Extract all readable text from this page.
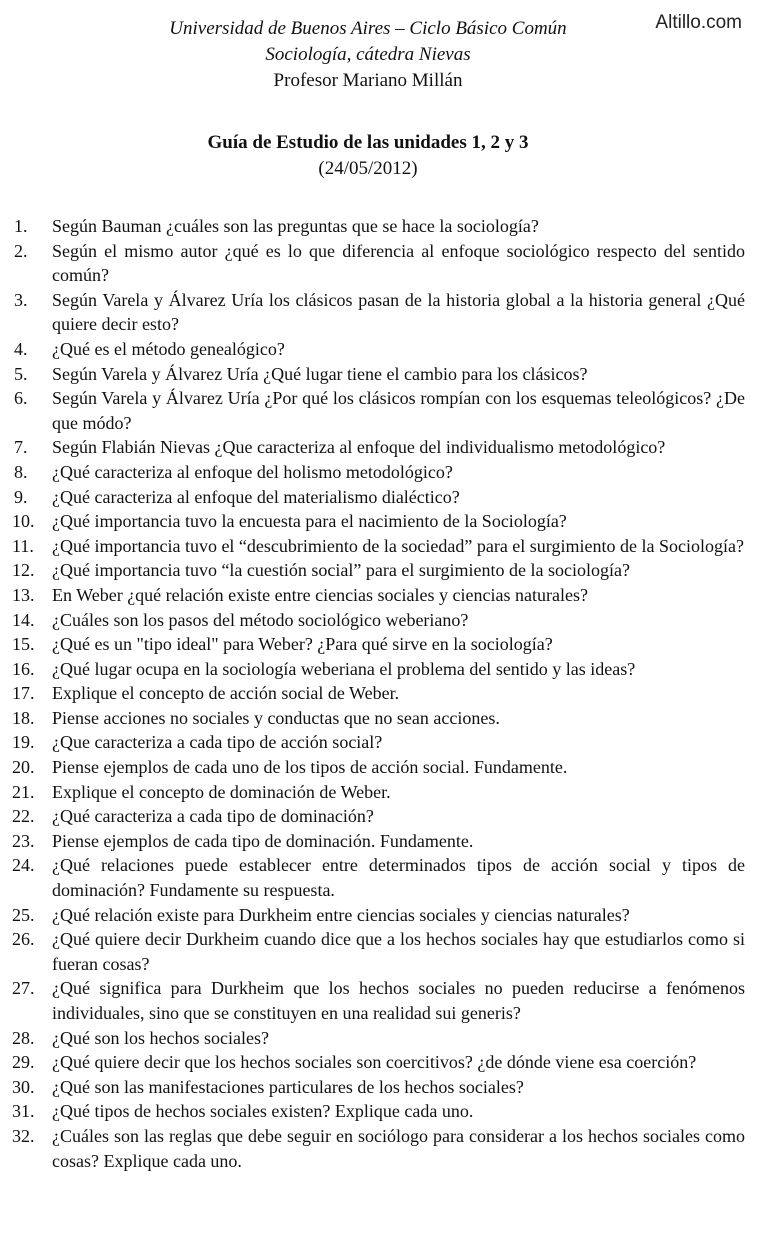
Altillo.com
Universidad de Buenos Aires – Ciclo Básico Común
Sociología, cátedra Nievas
Profesor Mariano Millán
Guía de Estudio de las unidades 1, 2 y 3
(24/05/2012)
1.	Según Bauman ¿cuáles son las preguntas que se hace la sociología?
2.	Según el mismo autor ¿qué es lo que diferencia al enfoque sociológico respecto del sentido común?
3.	Según Varela y Álvarez Uría los clásicos pasan de la historia global a la historia general ¿Qué quiere decir esto?
4.	¿Qué es el método genealógico?
5.	Según Varela y Álvarez Uría ¿Qué lugar tiene el cambio para los clásicos?
6.	Según Varela y Álvarez Uría ¿Por qué los clásicos rompían con los esquemas teleológicos? ¿De que módo?
7.	Según Flabián Nievas ¿Que caracteriza al enfoque del individualismo metodológico?
8.	¿Qué caracteriza al enfoque del holismo metodológico?
9.	¿Qué caracteriza al enfoque del materialismo dialéctico?
10. ¿Qué importancia tuvo la encuesta para el nacimiento de la Sociología?
11.	¿Qué importancia tuvo el “descubrimiento de la sociedad” para el surgimiento de la Sociología?
12. ¿Qué importancia tuvo “la cuestión social” para el surgimiento de la sociología?
13. En Weber ¿qué relación existe entre ciencias sociales y ciencias naturales?
14. ¿Cuáles son los pasos del método sociológico weberiano?
15. ¿Qué es un "tipo ideal" para Weber? ¿Para qué sirve en la sociología?
16. ¿Qué lugar ocupa en la sociología weberiana el problema del sentido y las ideas?
17. Explique el concepto de acción social de Weber.
18. Piense acciones no sociales y conductas que no sean acciones.
19. ¿Que caracteriza a cada tipo de acción social?
20. Piense ejemplos de cada uno de los tipos de acción social. Fundamente.
21. Explique el concepto de dominación de Weber.
22. ¿Qué caracteriza a cada tipo de dominación?
23. Piense ejemplos de cada tipo de dominación. Fundamente.
24. ¿Qué relaciones puede establecer entre determinados tipos de acción social y tipos de dominación? Fundamente su respuesta.
25. ¿Qué relación existe para Durkheim entre ciencias sociales y ciencias naturales?
26. ¿Qué quiere decir Durkheim cuando dice que a los hechos sociales hay que estudiarlos como si fueran cosas?
27. ¿Qué significa para Durkheim que los hechos sociales no pueden reducirse a fenómenos individuales, sino que se constituyen en una realidad sui generis?
28. ¿Qué son los hechos sociales?
29. ¿Qué quiere decir que los hechos sociales son coercitivos? ¿de dónde viene esa coerción?
30. ¿Qué son las manifestaciones particulares de los hechos sociales?
31. ¿Qué tipos de hechos sociales existen? Explique cada uno.
32. ¿Cuáles son las reglas que debe seguir en sociólogo para considerar a los hechos sociales como cosas? Explique cada uno.
